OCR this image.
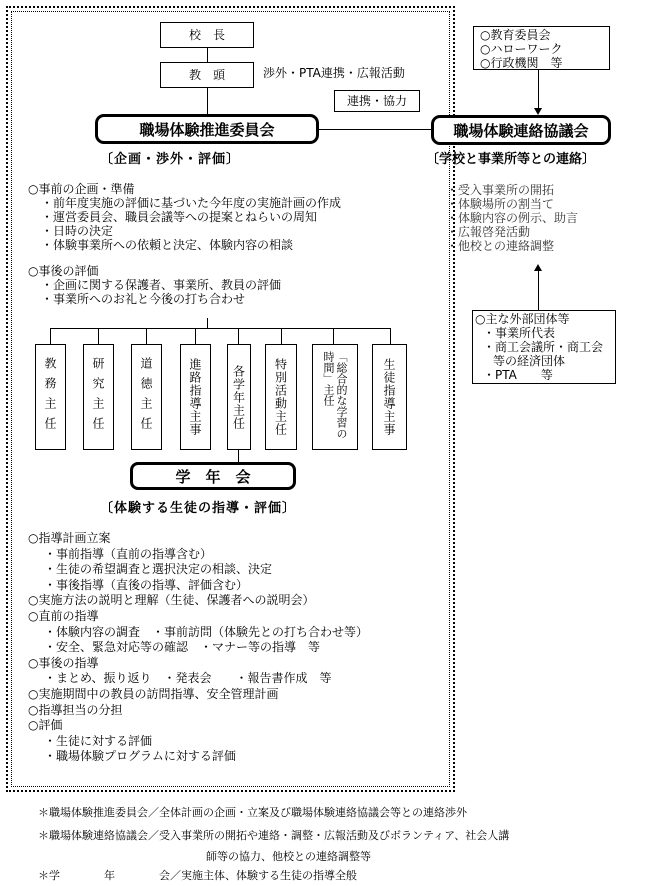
校　長
教　頭	渉外・PTA連携・広報活動
連携・協力
職場体験推進委員会
〔企画・渉外・評価〕
○事前の企画・準備
・前年度実施の評価に基づいた今年度の実施計画の作成
・運営委員会、職員会議等への提案とねらいの周知
・日時の決定
・体験事業所への依頼と決定、体験内容の相談
○事後の評価
・企画に関する保護者、事業所、教員の評価
・事業所へのお礼と今後の打ち合わせ
○教育委員会
○ハローワーク
○行政機関　等
職場体験連絡協議会
〔学校と事業所等との連絡〕
・受入事業所の開拓
・体験場所の割当て
・体験内容の例示、助言
・広報啓発活動
・他校との連絡調整
○主な外部団体等
・事業所代表
・商工会議所・商工会
等の経済団体
・PTA　　等
教務主任	研究主任	道徳主任	進路指導主事 各学年主任 特別活動主任	「総合的な学習の時間」主任	生徒指導主事
学　年　会
〔体験する生徒の指導・評価〕
○指導計画立案
・事前指導（直前の指導含む）
・生徒の希望調査と選択決定の相談、決定
・事後指導（直後の指導、評価含む）
○実施方法の説明と理解（生徒、保護者への説明会）
○直前の指導
・体験内容の調査　・事前訪問（体験先との打ち合わせ等）
・安全、緊急対応等の確認　・マナー等の指導　等
○事後の指導
・まとめ、振り返り　・発表会　　・報告書作成　等
○実施期間中の教員の訪問指導、安全管理計画
○指導担当の分担
○評価
・生徒に対する評価
・職場体験プログラムに対する評価
＊職場体験推進委員会／全体計画の企画・立案及び職場体験連絡協議会等との連絡渉外
＊職場体験連絡協議会／受入事業所の開拓や連絡・調整・広報活動及びボランティア、社会人講
師等の協力、他校との連絡調整等
＊学　　　　年　　　　会／実施主体、体験する生徒の指導全般
